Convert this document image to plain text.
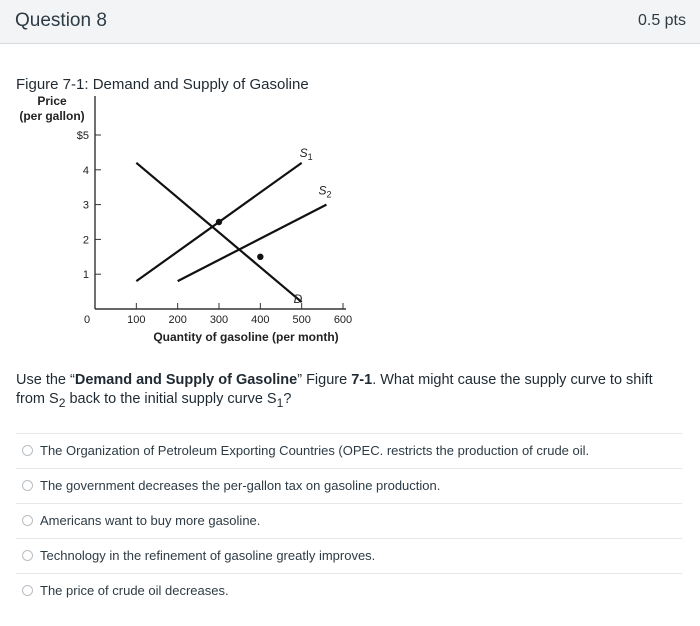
Question 8	0.5 pts
Figure 7-1: Demand and Supply of Gasoline
Price
(per gallon)
1
2
3
4
$5
0	100 200 300 400 500 600
Quantity of gasoline (per month)
D
$S_1$
$S_2$
Use the “Demand and Supply of Gasoline” Figure 7-1. What might cause the supply curve to shift from $S_2$ back to the initial supply curve $S_1$?
The Organization of Petroleum Exporting Countries (OPEC. restricts the production of crude oil.
The government decreases the per-gallon tax on gasoline production.
Americans want to buy more gasoline.
Technology in the refinement of gasoline greatly improves.
The price of crude oil decreases.
